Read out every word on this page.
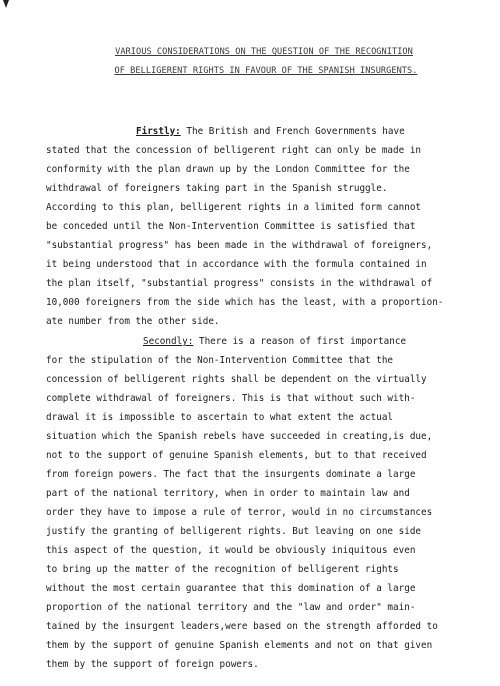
VARIOUS CONSIDERATIONS ON THE QUESTION OF THE RECOGNITION
OF BELLIGERENT RIGHTS IN FAVOUR OF THE SPANISH INSURGENTS.
Firstly: The British and French Governments have
stated that the concession of belligerent right can only be made in
conformity with the plan drawn up by the London Committee for the
withdrawal of foreigners taking part in the Spanish struggle.
According to this plan, belligerent rights in a limited form cannot
be conceded until the Non-Intervention Committee is satisfied that
"substantial progress" has been made in the withdrawal of foreigners,
it being understood that in accordance with the formula contained in
the plan itself, "substantial progress" consists in the withdrawal of
10,000 foreigners from the side which has the least, with a proportion-
ate number from the other side.
Secondly: There is a reason of first importance
for the stipulation of the Non-Intervention Committee that the
concession of belligerent rights shall be dependent on the virtually
complete withdrawal of foreigners. This is that without such with-
drawal it is impossible to ascertain to what extent the actual
situation which the Spanish rebels have succeeded in creating,is due,
not to the support of genuine Spanish elements, but to that received
from foreign powers. The fact that the insurgents dominate a large
part of the national territory, when in order to maintain law and
order they have to impose a rule of terror, would in no circumstances
justify the granting of belligerent rights. But leaving on one side
this aspect of the question, it would be obviously iniquitous even
to bring up the matter of the recognition of belligerent rights
without the most certain guarantee that this domination of a large
proportion of the national territory and the "law and order" main-
tained by the insurgent leaders,were based on the strength afforded to
them by the support of genuine Spanish elements and not on that given
them by the support of foreign powers.
